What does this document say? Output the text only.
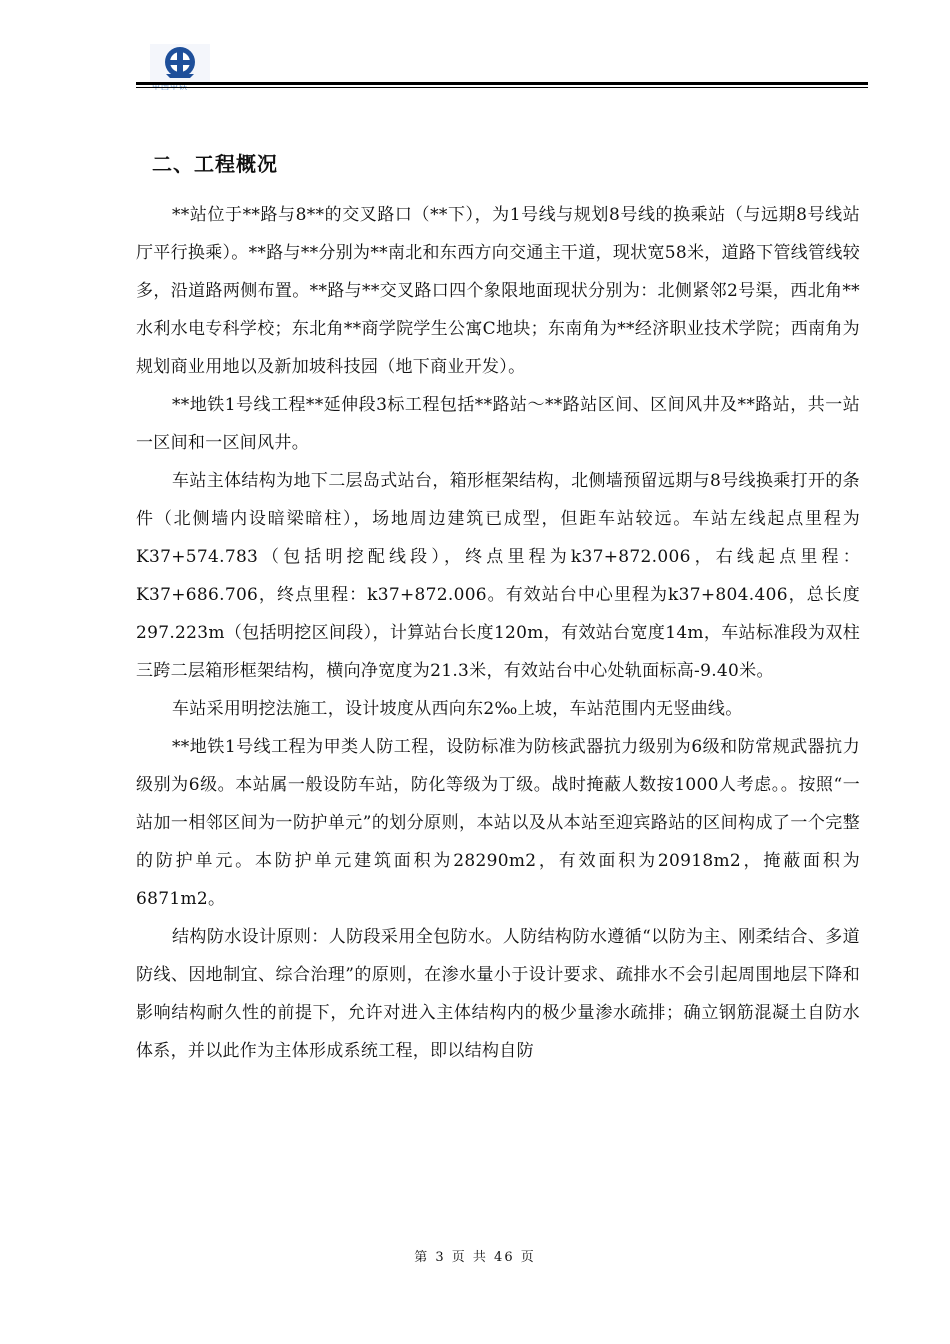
二、工程概况

**站位于**路与8**的交叉路口（**下），为1号线与规划8号线的换乘站（与远期8号线站厅平行换乘）。**路与**分别为**南北和东西方向交通主干道，现状宽58米，道路下管线管线较多，沿道路两侧布置。**路与**交叉路口四个象限地面现状分别为：北侧紧邻2号渠，西北角**水利水电专科学校；东北角**商学院学生公寓C地块；东南角为**经济职业技术学院；西南角为规划商业用地以及新加坡科技园（地下商业开发）。

**地铁1号线工程**延伸段3标工程包括**路站～**路站区间、区间风井及**路站，共一站一区间和一区间风井。

车站主体结构为地下二层岛式站台，箱形框架结构，北侧墙预留远期与8号线换乘打开的条件（北侧墙内设暗梁暗柱），场地周边建筑已成型，但距车站较远。车站左线起点里程为K37+574.783（包括明挖配线段），终点里程为k37+872.006，右线起点里程：K37+686.706，终点里程：k37+872.006。有效站台中心里程为k37+804.406，总长度297.223m（包括明挖区间段），计算站台长度120m，有效站台宽度14m，车站标准段为双柱三跨二层箱形框架结构，横向净宽度为21.3米，有效站台中心处轨面标高-9.40米。

车站采用明挖法施工，设计坡度从西向东2‰上坡，车站范围内无竖曲线。

**地铁1号线工程为甲类人防工程，设防标准为防核武器抗力级别为6级和防常规武器抗力级别为6级。本站属一般设防车站，防化等级为丁级。战时掩蔽人数按1000人考虑。。按照“一站加一相邻区间为一防护单元”的划分原则，本站以及从本站至迎宾路站的区间构成了一个完整的防护单元。本防护单元建筑面积为28290m2，有效面积为20918m2，掩蔽面积为6871m2。

结构防水设计原则：人防段采用全包防水。人防结构防水遵循“以防为主、刚柔结合、多道防线、因地制宜、综合治理”的原则，在渗水量小于设计要求、疏排水不会引起周围地层下降和影响结构耐久性的前提下，允许对进入主体结构内的极少量渗水疏排；确立钢筋混凝土自防水体系，并以此作为主体形成系统工程，即以结构自防

第 3 页 共 46 页
